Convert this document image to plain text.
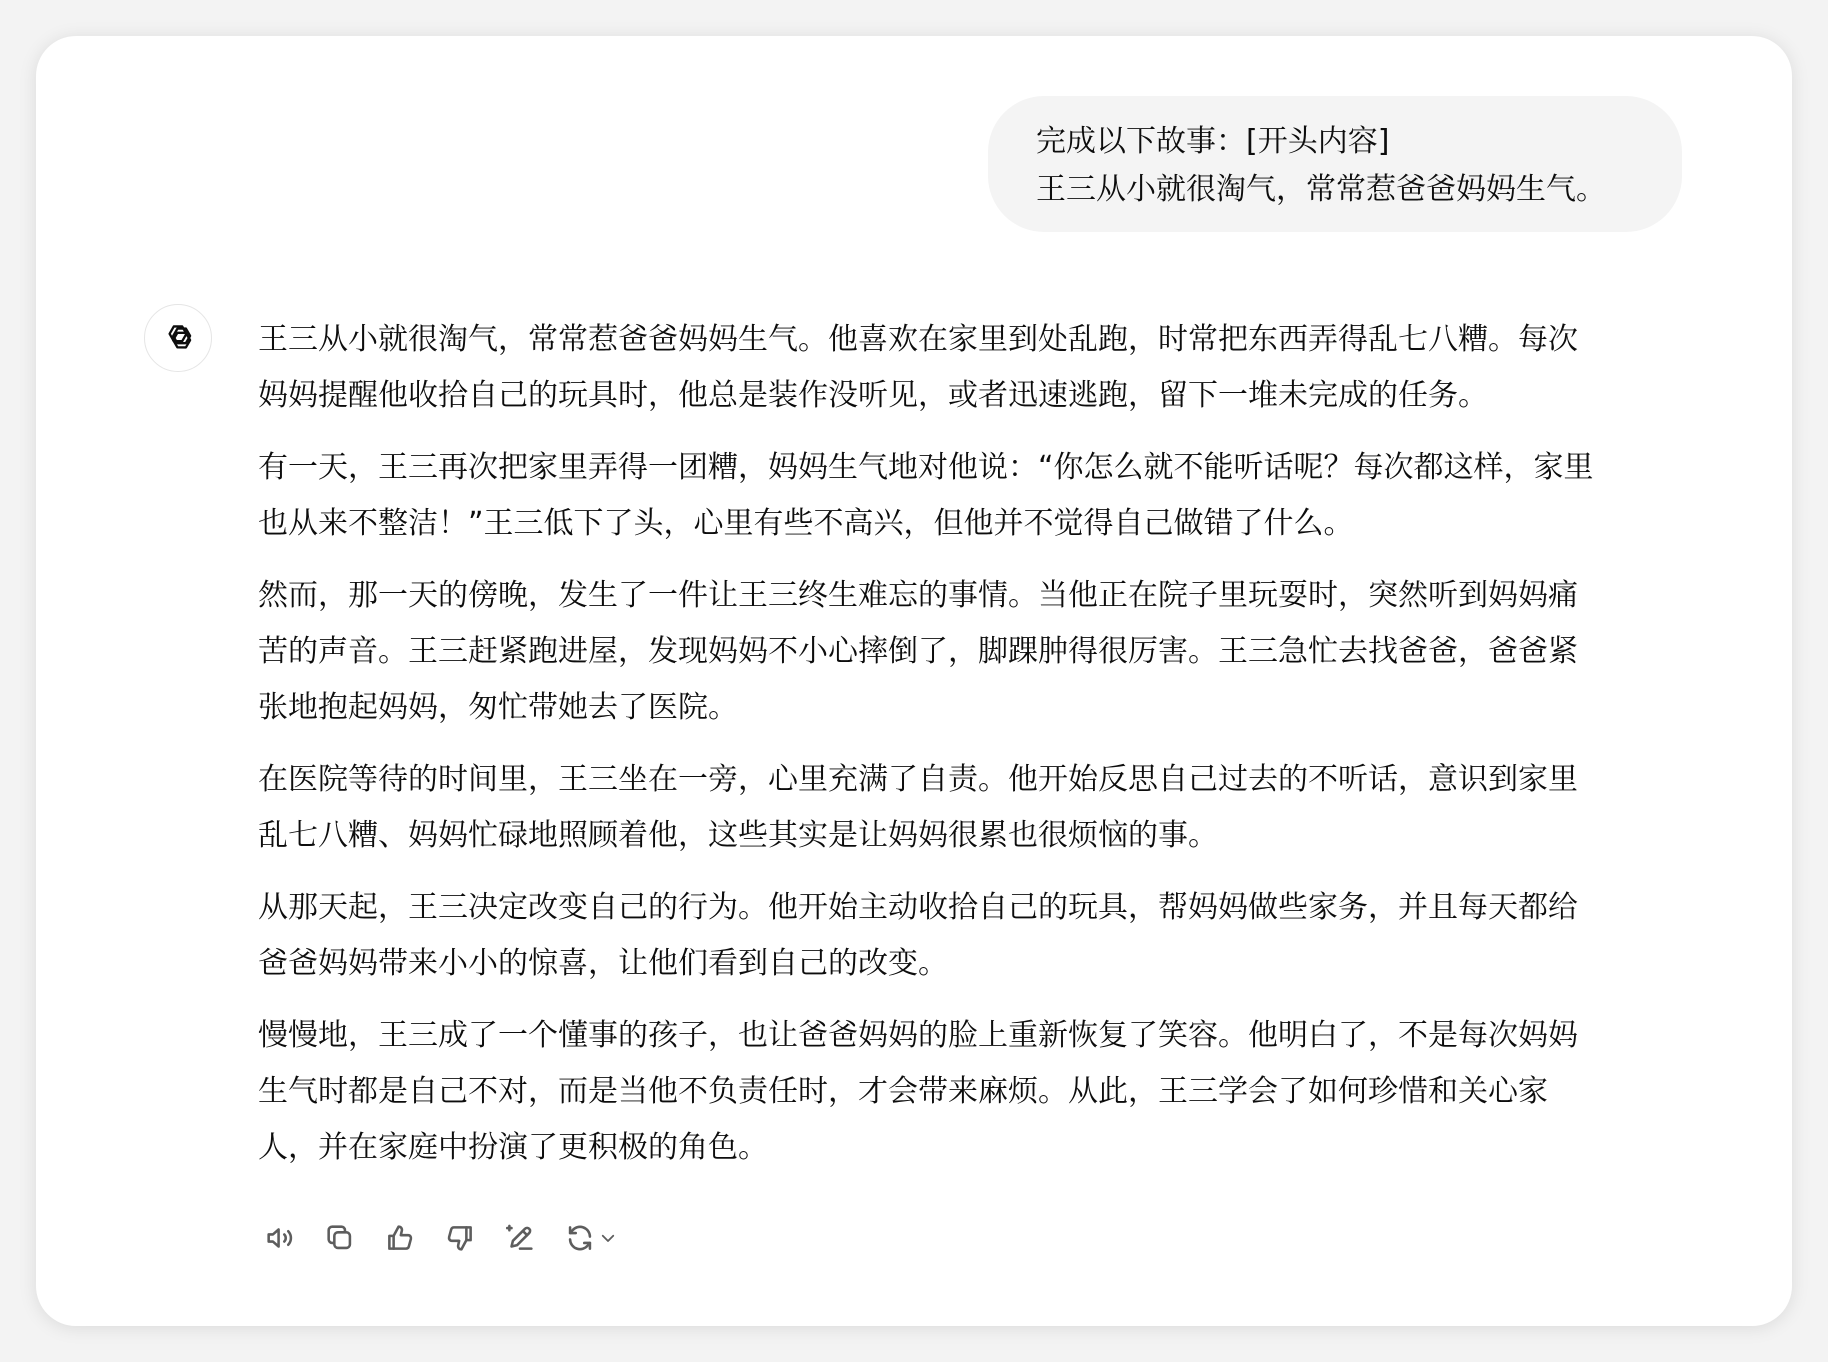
完成以下故事：[开头内容]
王三从小就很淘气，常常惹爸爸妈妈生气。

王三从小就很淘气，常常惹爸爸妈妈生气。他喜欢在家里到处乱跑，时常把东西弄得乱七八糟。每次
妈妈提醒他收拾自己的玩具时，他总是装作没听见，或者迅速逃跑，留下一堆未完成的任务。

有一天，王三再次把家里弄得一团糟，妈妈生气地对他说：“你怎么就不能听话呢？每次都这样，家里
也从来不整洁！”王三低下了头，心里有些不高兴，但他并不觉得自己做错了什么。

然而，那一天的傍晚，发生了一件让王三终生难忘的事情。当他正在院子里玩耍时，突然听到妈妈痛
苦的声音。王三赶紧跑进屋，发现妈妈不小心摔倒了，脚踝肿得很厉害。王三急忙去找爸爸，爸爸紧
张地抱起妈妈，匆忙带她去了医院。

在医院等待的时间里，王三坐在一旁，心里充满了自责。他开始反思自己过去的不听话，意识到家里
乱七八糟、妈妈忙碌地照顾着他，这些其实是让妈妈很累也很烦恼的事。

从那天起，王三决定改变自己的行为。他开始主动收拾自己的玩具，帮妈妈做些家务，并且每天都给
爸爸妈妈带来小小的惊喜，让他们看到自己的改变。

慢慢地，王三成了一个懂事的孩子，也让爸爸妈妈的脸上重新恢复了笑容。他明白了，不是每次妈妈
生气时都是自己不对，而是当他不负责任时，才会带来麻烦。从此，王三学会了如何珍惜和关心家
人，并在家庭中扮演了更积极的角色。
